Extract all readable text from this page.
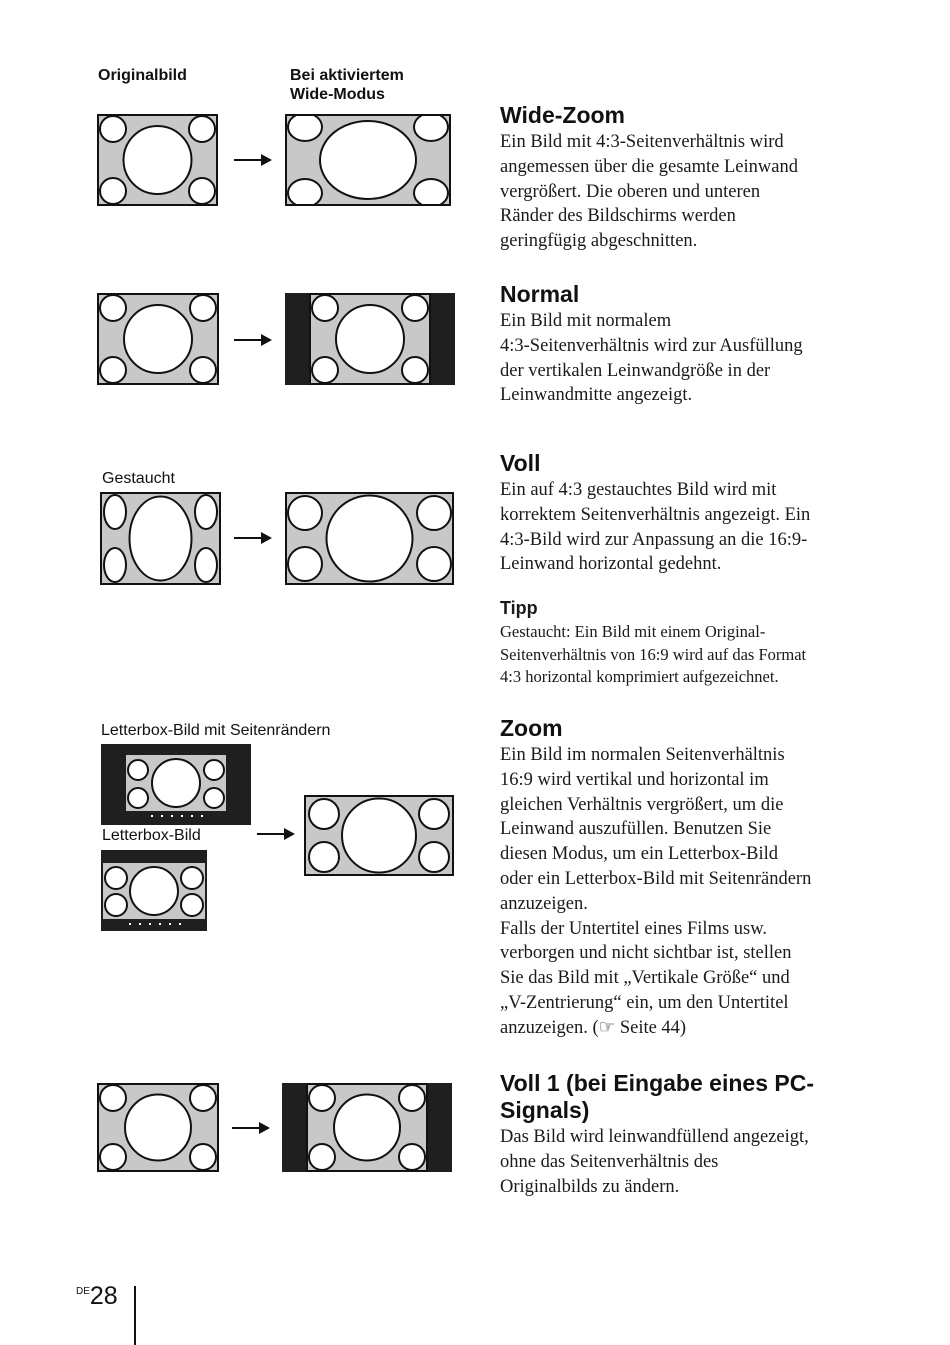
Originalbild	Bei aktiviertem
Wide-Modus
Wide-Zoom

Ein Bild mit 4:3-Seitenverhältnis wird
angemessen über die gesamte Leinwand
vergrößert. Die oberen und unteren
Ränder des Bildschirms werden
geringfügig abgeschnitten.

Normal

Ein Bild mit normalem
4:3-Seitenverhältnis wird zur Ausfüllung
der vertikalen Leinwandgröße in der
Leinwandmitte angezeigt.

Gestaucht
Voll

Ein auf 4:3 gestauchtes Bild wird mit
korrektem Seitenverhältnis angezeigt. Ein
4:3-Bild wird zur Anpassung an die 16:9-
Leinwand horizontal gedehnt.

Tipp

Gestaucht: Ein Bild mit einem Original-
Seitenverhältnis von 16:9 wird auf das Format
4:3 horizontal komprimiert aufgezeichnet.

Letterbox-Bild mit Seitenrändern
Letterbox-Bild
Zoom

Ein Bild im normalen Seitenverhältnis
16:9 wird vertikal und horizontal im
gleichen Verhältnis vergrößert, um die
Leinwand auszufüllen. Benutzen Sie
diesen Modus, um ein Letterbox-Bild
oder ein Letterbox-Bild mit Seitenrändern
anzuzeigen.
Falls der Untertitel eines Films usw.
verborgen und nicht sichtbar ist, stellen
Sie das Bild mit „Vertikale Größe“ und
„V-Zentrierung“ ein, um den Untertitel
anzuzeigen. (☞ Seite 44)

Voll 1 (bei Eingabe eines PC-
Signals)

Das Bild wird leinwandfüllend angezeigt,
ohne das Seitenverhältnis des
Originalbilds zu ändern.

$^{DE}$28
